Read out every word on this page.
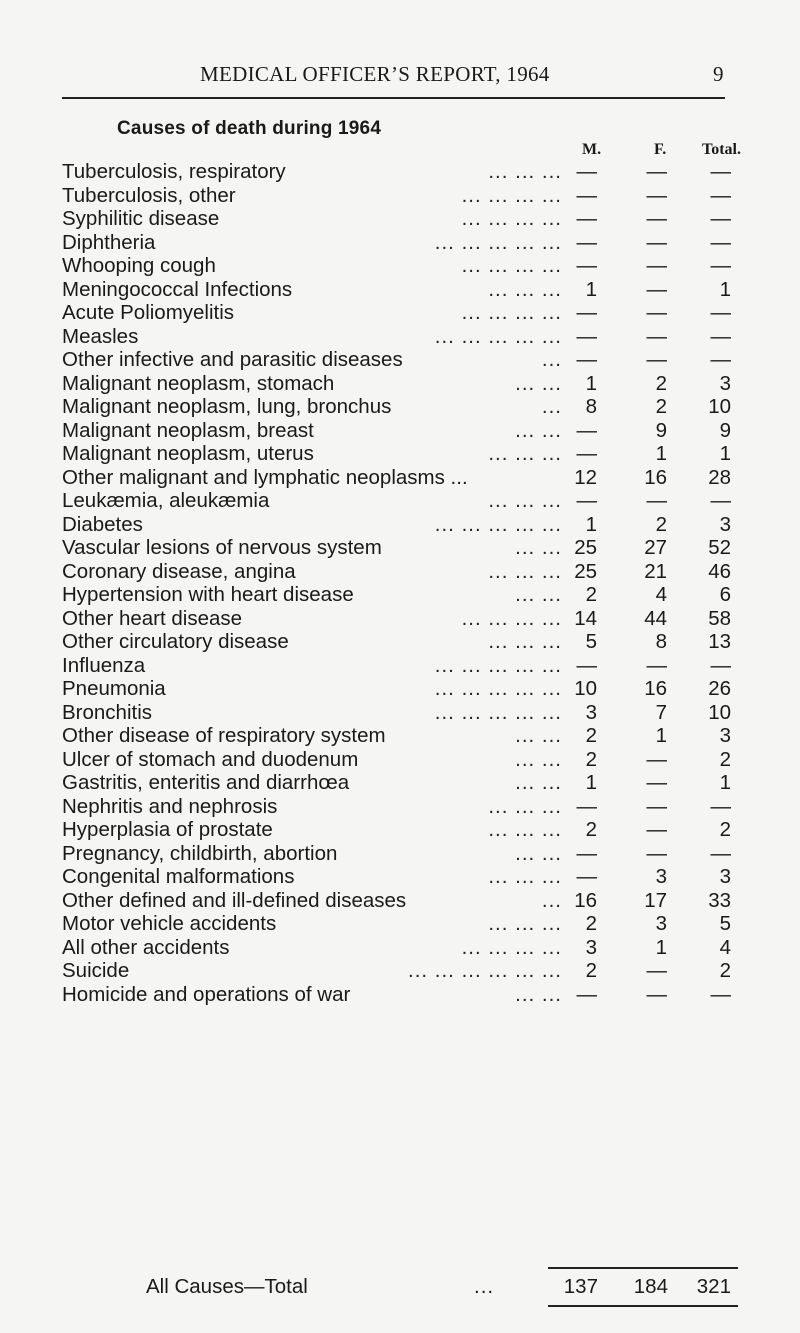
MEDICAL OFFICER’S REPORT, 1964	9
Causes of death during 1964
M.	F.	Total.
Tuberculosis, respiratory	... ... ... —	—	—
Tuberculosis, other	... ... ... ... —	—	—
Syphilitic disease	... ... ... ... —	—	—
Diphtheria	... ... ... ... ... —	—	—
Whooping cough	... ... ... ... —	—	—
Meningococcal Infections	... ... ...	1	—	1
Acute Poliomyelitis	... ... ... ... —	—	—
Measles	... ... ... ... ... —	—	—
Other infective and parasitic diseases	... —	—	—
Malignant neoplasm, stomach	... ...	1	2	3
Malignant neoplasm, lung, bronchus	...	8	2	10
Malignant neoplasm, breast	... ... —	9	9
Malignant neoplasm, uterus	... ... ... —	1	1
Other malignant and lymphatic neoplasms ...	12	16	28
Leukæmia, aleukæmia	... ... ... —	—	—
Diabetes	... ... ... ... ...	1	2	3
Vascular lesions of nervous system	... ... 25	27	52
Coronary disease, angina	... ... ... 25	21	46
Hypertension with heart disease	... ...	2	4	6
Other heart disease	... ... ... ... 14	44	58
Other circulatory disease	... ... ...	5	8	13
Influenza	... ... ... ... ... —	—	—
Pneumonia	... ... ... ... ... 10	16	26
Bronchitis	... ... ... ... ...	3	7	10
Other disease of respiratory system	... ...	2	1	3
Ulcer of stomach and duodenum	... ...	2	—	2
Gastritis, enteritis and diarrhœa	... ...	1	—	1
Nephritis and nephrosis	... ... ... —	—	—
Hyperplasia of prostate	... ... ...	2	—	2
Pregnancy, childbirth, abortion	... ... —	—	—
Congenital malformations	... ... ... —	3	3
Other defined and ill-defined diseases	... 16	17	33
Motor vehicle accidents	... ... ...	2	3	5
All other accidents	... ... ... ...	3	1	4
Suicide	... ... ... ... ... ...	2	—	2
Homicide and operations of war	... ... —	—	—
All Causes—Total	...	137	184	321
